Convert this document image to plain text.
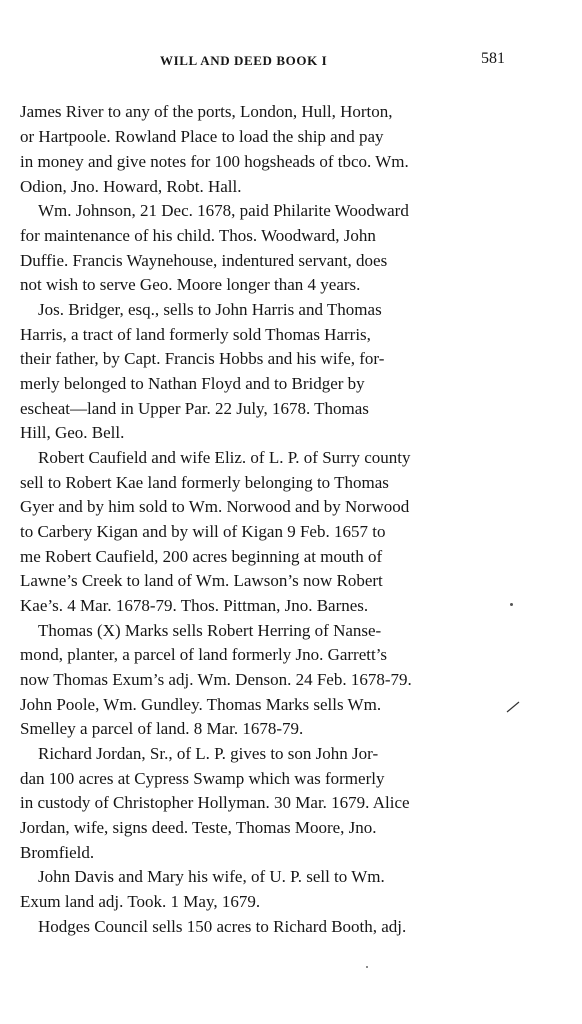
WILL AND DEED BOOK I	581
James River to any of the ports, London, Hull, Horton,
or Hartpoole. Rowland Place to load the ship and pay
in money and give notes for 100 hogsheads of tbco. Wm.
Odion, Jno. Howard, Robt. Hall.
Wm. Johnson, 21 Dec. 1678, paid Philarite Woodward
for maintenance of his child. Thos. Woodward, John
Duffie. Francis Waynehouse, indentured servant, does
not wish to serve Geo. Moore longer than 4 years.
Jos. Bridger, esq., sells to John Harris and Thomas
Harris, a tract of land formerly sold Thomas Harris,
their father, by Capt. Francis Hobbs and his wife, for-
merly belonged to Nathan Floyd and to Bridger by
escheat—land in Upper Par. 22 July, 1678. Thomas
Hill, Geo. Bell.
Robert Caufield and wife Eliz. of L. P. of Surry county
sell to Robert Kae land formerly belonging to Thomas
Gyer and by him sold to Wm. Norwood and by Norwood
to Carbery Kigan and by will of Kigan 9 Feb. 1657 to
me Robert Caufield, 200 acres beginning at mouth of
Lawne’s Creek to land of Wm. Lawson’s now Robert
Kae’s. 4 Mar. 1678-79. Thos. Pittman, Jno. Barnes.
Thomas (X) Marks sells Robert Herring of Nanse-
mond, planter, a parcel of land formerly Jno. Garrett’s
now Thomas Exum’s adj. Wm. Denson. 24 Feb. 1678-79.
John Poole, Wm. Gundley. Thomas Marks sells Wm.
Smelley a parcel of land. 8 Mar. 1678-79.
Richard Jordan, Sr., of L. P. gives to son John Jor-
dan 100 acres at Cypress Swamp which was formerly
in custody of Christopher Hollyman. 30 Mar. 1679. Alice
Jordan, wife, signs deed. Teste, Thomas Moore, Jno.
Bromfield.
John Davis and Mary his wife, of U. P. sell to Wm.
Exum land adj. Took. 1 May, 1679.
Hodges Council sells 150 acres to Richard Booth, adj.
